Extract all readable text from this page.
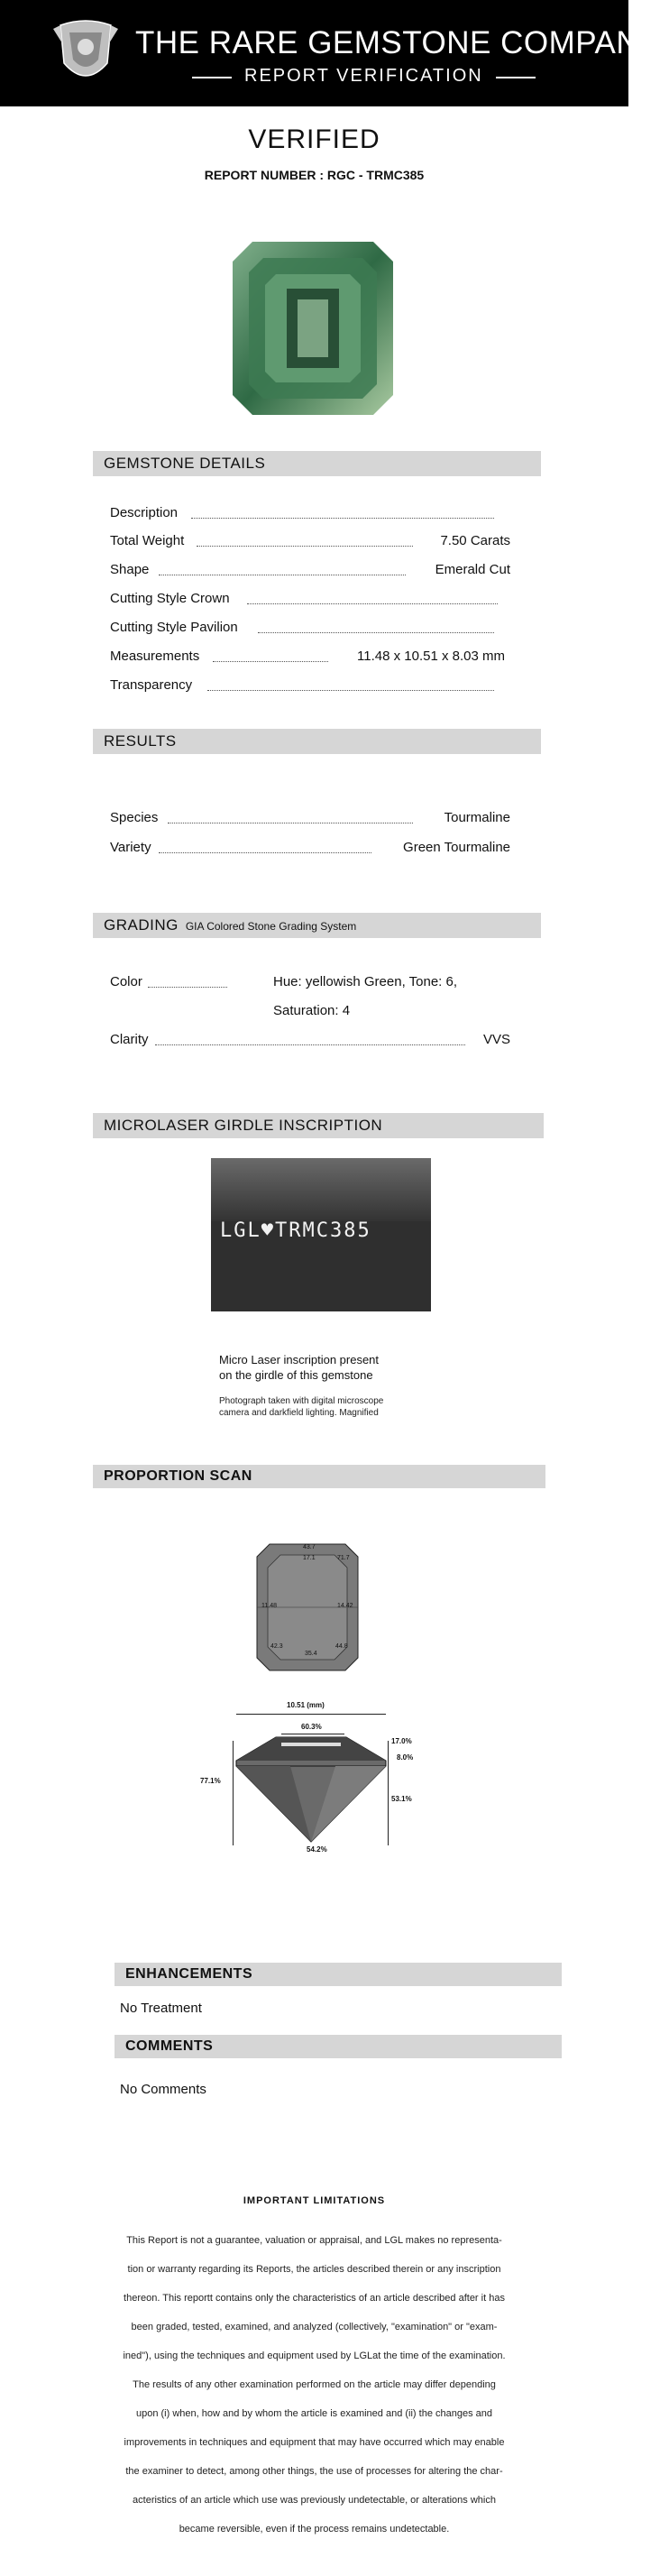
THE RARE GEMSTONE COMPANY™
REPORT VERIFICATION
VERIFIED
REPORT NUMBER : RGC - TRMC385
GEMSTONE DETAILS
Description
Total Weight	7.50 Carats
Shape	Emerald Cut
Cutting Style Crown
Cutting Style Pavilion
Measurements	11.48 x 10.51 x 8.03 mm
Transparency
RESULTS
Species	Tourmaline
Variety	Green Tourmaline
GRADING GIA Colored Stone Grading System
Color	Hue: yellowish Green, Tone: 6,
Saturation: 4
Clarity	VVS
MICROLASER GIRDLE INSCRIPTION
LGL♥TRMC385
Micro Laser inscription present
on the girdle of this gemstone
Photograph taken with digital microscope
camera and darkfield lighting. Magnified
PROPORTION SCAN
43.7
17.1	71.7
11.48	14.42
42.3
35.4
44.8
10.51 (mm)
60.3%
17.0%
8.0%
53.1%
77.1%
54.2%
ENHANCEMENTS
No Treatment
COMMENTS
No Comments
IMPORTANT LIMITATIONS
This Report is not a guarantee, valuation or appraisal, and LGL makes no representa-
tion or warranty regarding its Reports, the articles described therein or any inscription
thereon. This reportt contains only the characteristics of an article described after it has
been graded, tested, examined, and analyzed (collectively, "examination" or "exam-
ined"), using the techniques and equipment used by LGLat the time of the examination.
The results of any other examination performed on the article may differ depending
upon (i) when, how and by whom the article is examined and (ii) the changes and
improvements in techniques and equipment that may have occurred which may enable
the examiner to detect, among other things, the use of processes for altering the char-
acteristics of an article which use was previously undetectable, or alterations which
became reversible, even if the process remains undetectable.
